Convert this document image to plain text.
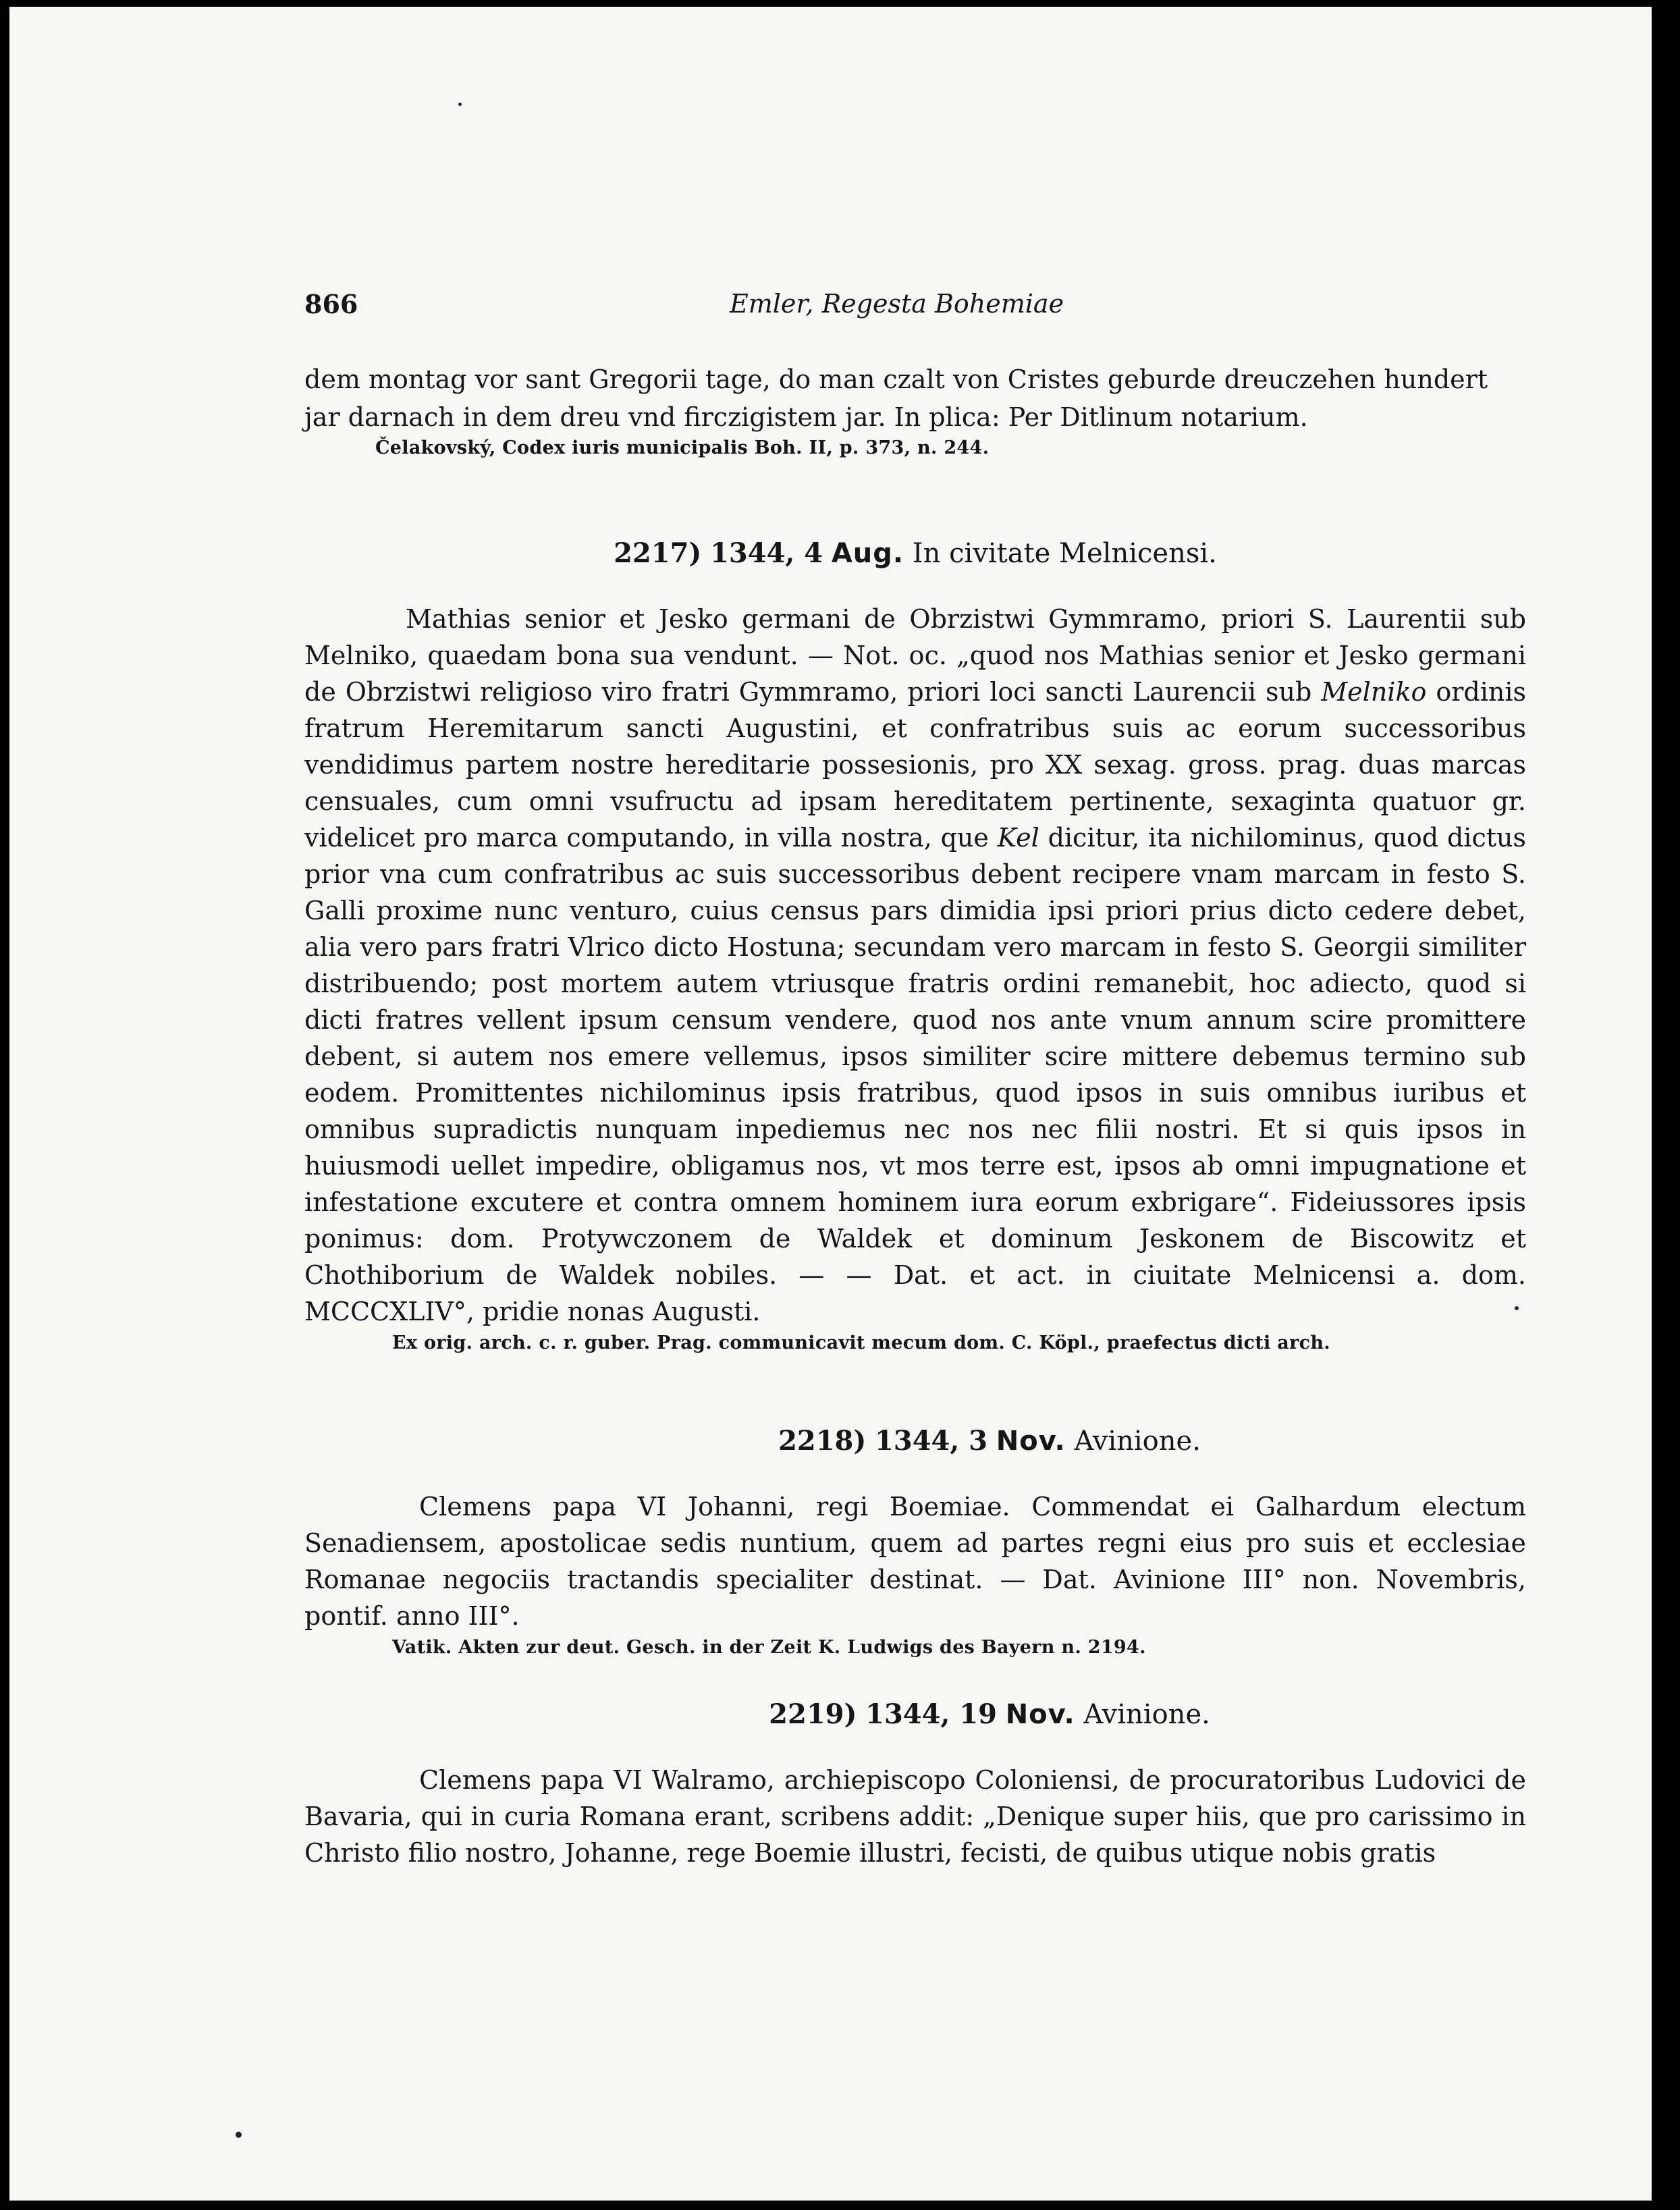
866	Emler, Regesta Bohemiae
dem montag vor sant Gregorii tage, do man czalt von Cristes geburde dreuczehen hundert
jar darnach in dem dreu vnd firczigistem jar. In plica: Per Ditlinum notarium.
Čelakovský, Codex iuris municipalis Boh. II, p. 373, n. 244.
2217) 1344, 4 Aug. In civitate Melnicensi.
Mathias senior et Jesko germani de Obrzistwi Gymmramo, priori S. Laurentii sub Melniko, quaedam bona sua vendunt. — Not. oc. „quod nos Mathias senior et Jesko germani de Obrzistwi religioso viro fratri Gymmramo, priori loci sancti Laurencii sub Melniko ordinis fratrum Heremitarum sancti Augustini, et confratribus suis ac eorum successoribus vendidimus partem nostre hereditarie possesionis, pro XX sexag. gross. prag. duas marcas censuales, cum omni vsufructu ad ipsam hereditatem pertinente, sexaginta quatuor gr. videlicet pro marca computando, in villa nostra, que Kel dicitur, ita nichilominus, quod dictus prior vna cum confratribus ac suis successoribus debent recipere vnam marcam in festo S. Galli proxime nunc venturo, cuius census pars dimidia ipsi priori prius dicto cedere debet, alia vero pars fratri Vlrico dicto Hostuna; secundam vero marcam in festo S. Georgii similiter distribuendo; post mortem autem vtriusque fratris ordini remanebit, hoc adiecto, quod si dicti fratres vellent ipsum censum vendere, quod nos ante vnum annum scire promittere debent, si autem nos emere vellemus, ipsos similiter scire mittere debemus termino sub eodem. Promittentes nichilominus ipsis fratribus, quod ipsos in suis omnibus iuribus et omnibus supradictis nunquam inpediemus nec nos nec filii nostri. Et si quis ipsos in huiusmodi uellet impedire, obligamus nos, vt mos terre est, ipsos ab omni impugnatione et infestatione excutere et contra omnem hominem iura eorum exbrigare“. Fideiussores ipsis ponimus: dom. Protywczonem de Waldek et dominum Jeskonem de Biscowitz et Chothiborium de Waldek nobiles. — — Dat. et act. in ciuitate Melnicensi a. dom. MCCCXLIV°, pridie nonas Augusti.
Ex orig. arch. c. r. guber. Prag. communicavit mecum dom. C. Köpl., praefectus dicti arch.
2218) 1344, 3 Nov. Avinione.
Clemens papa VI Johanni, regi Boemiae. Commendat ei Galhardum electum Senadiensem, apostolicae sedis nuntium, quem ad partes regni eius pro suis et ecclesiae Romanae negociis tractandis specialiter destinat. — Dat. Avinione III° non. Novembris, pontif. anno III°.
Vatik. Akten zur deut. Gesch. in der Zeit K. Ludwigs des Bayern n. 2194.
2219) 1344, 19 Nov. Avinione.
Clemens papa VI Walramo, archiepiscopo Coloniensi, de procuratoribus Ludovici de Bavaria, qui in curia Romana erant, scribens addit: „Denique super hiis, que pro carissimo in Christo filio nostro, Johanne, rege Boemie illustri, fecisti, de quibus utique nobis gratis
